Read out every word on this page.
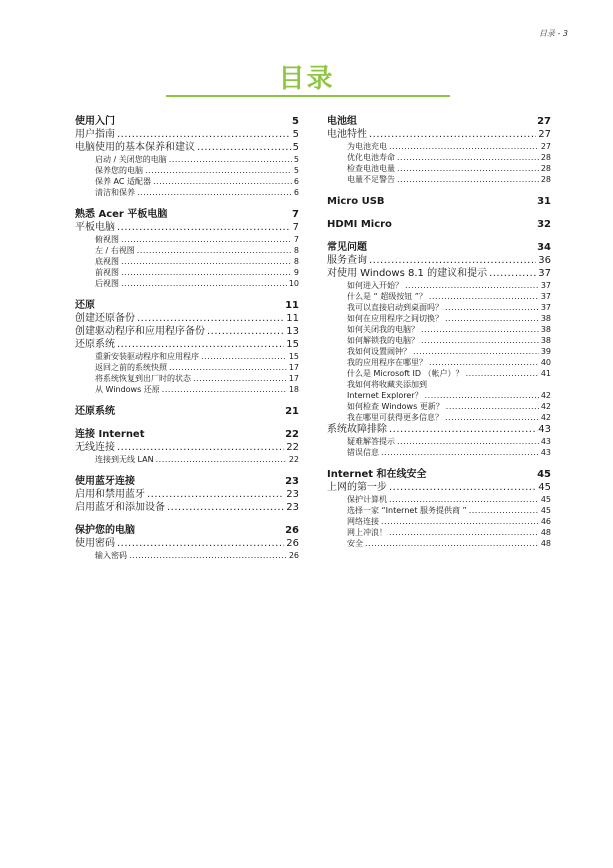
目录 - 3
目录
使用入门	5
用户指南 .....	5
电脑使用的基本保养和建议 .....	5
启动 / 关闭您的电脑 .....	5
保养您的电脑 .....	5
保养 AC 适配器 .....	6
清洁和保养 .....	6
熟悉 Acer 平板电脑	7
平板电脑 .....	7
俯视图 .....	7
左 / 右视图 .....	8
底视图 .....	8
前视图 .....	9
后视图 .....	10
还原	11
创建还原备份 .....	11
创建驱动程序和应用程序备份 .....	13
还原系统 .....	15
重新安装驱动程序和应用程序 .....	15
返回之前的系统快照 .....	17
将系统恢复到出厂时的状态 .....	17
从 Windows 还原 .....	18
还原系统	21
连接 Internet	22
无线连接 .....	22
连接到无线 LAN .....	22
使用蓝牙连接	23
启用和禁用蓝牙 .....	23
启用蓝牙和添加设备 .....	23
保护您的电脑	26
使用密码 .....	26
输入密码 .....	26
电池组	27
电池特性 .....	27
为电池充电 .....	27
优化电池寿命 .....	28
检查电池电量 .....	28
电量不足警告 .....	28
Micro USB	31
HDMI Micro	32
常见问题	34
服务查询 .....	36
对使用 Windows 8.1 的建议和提示 .....	37
如何进入开始？ .....	37
什么是 “ 超级按钮 ”？ .....	37
我可以直接启动到桌面吗？ .....	37
如何在应用程序之间切换？ .....	38
如何关闭我的电脑？ .....	38
如何解锁我的电脑？ .....	38
我如何设置闹钟？ .....	39
我的应用程序在哪里？ .....	40
什么是 Microsoft ID （帐户）？ .....	41
我如何将收藏夹添加到
Internet Explorer？ .....	42
如何检查 Windows 更新？ .....	42
我在哪里可获得更多信息？ .....	42
系统故障排除 .....	43
疑难解答提示 .....	43
错误信息 .....	43
Internet 和在线安全	45
上网的第一步 .....	45
保护计算机 .....	45
选择一家 “Internet 服务提供商 ” .....	45
网络连接 .....	46
网上冲浪！ .....	48
安全 .....	48
